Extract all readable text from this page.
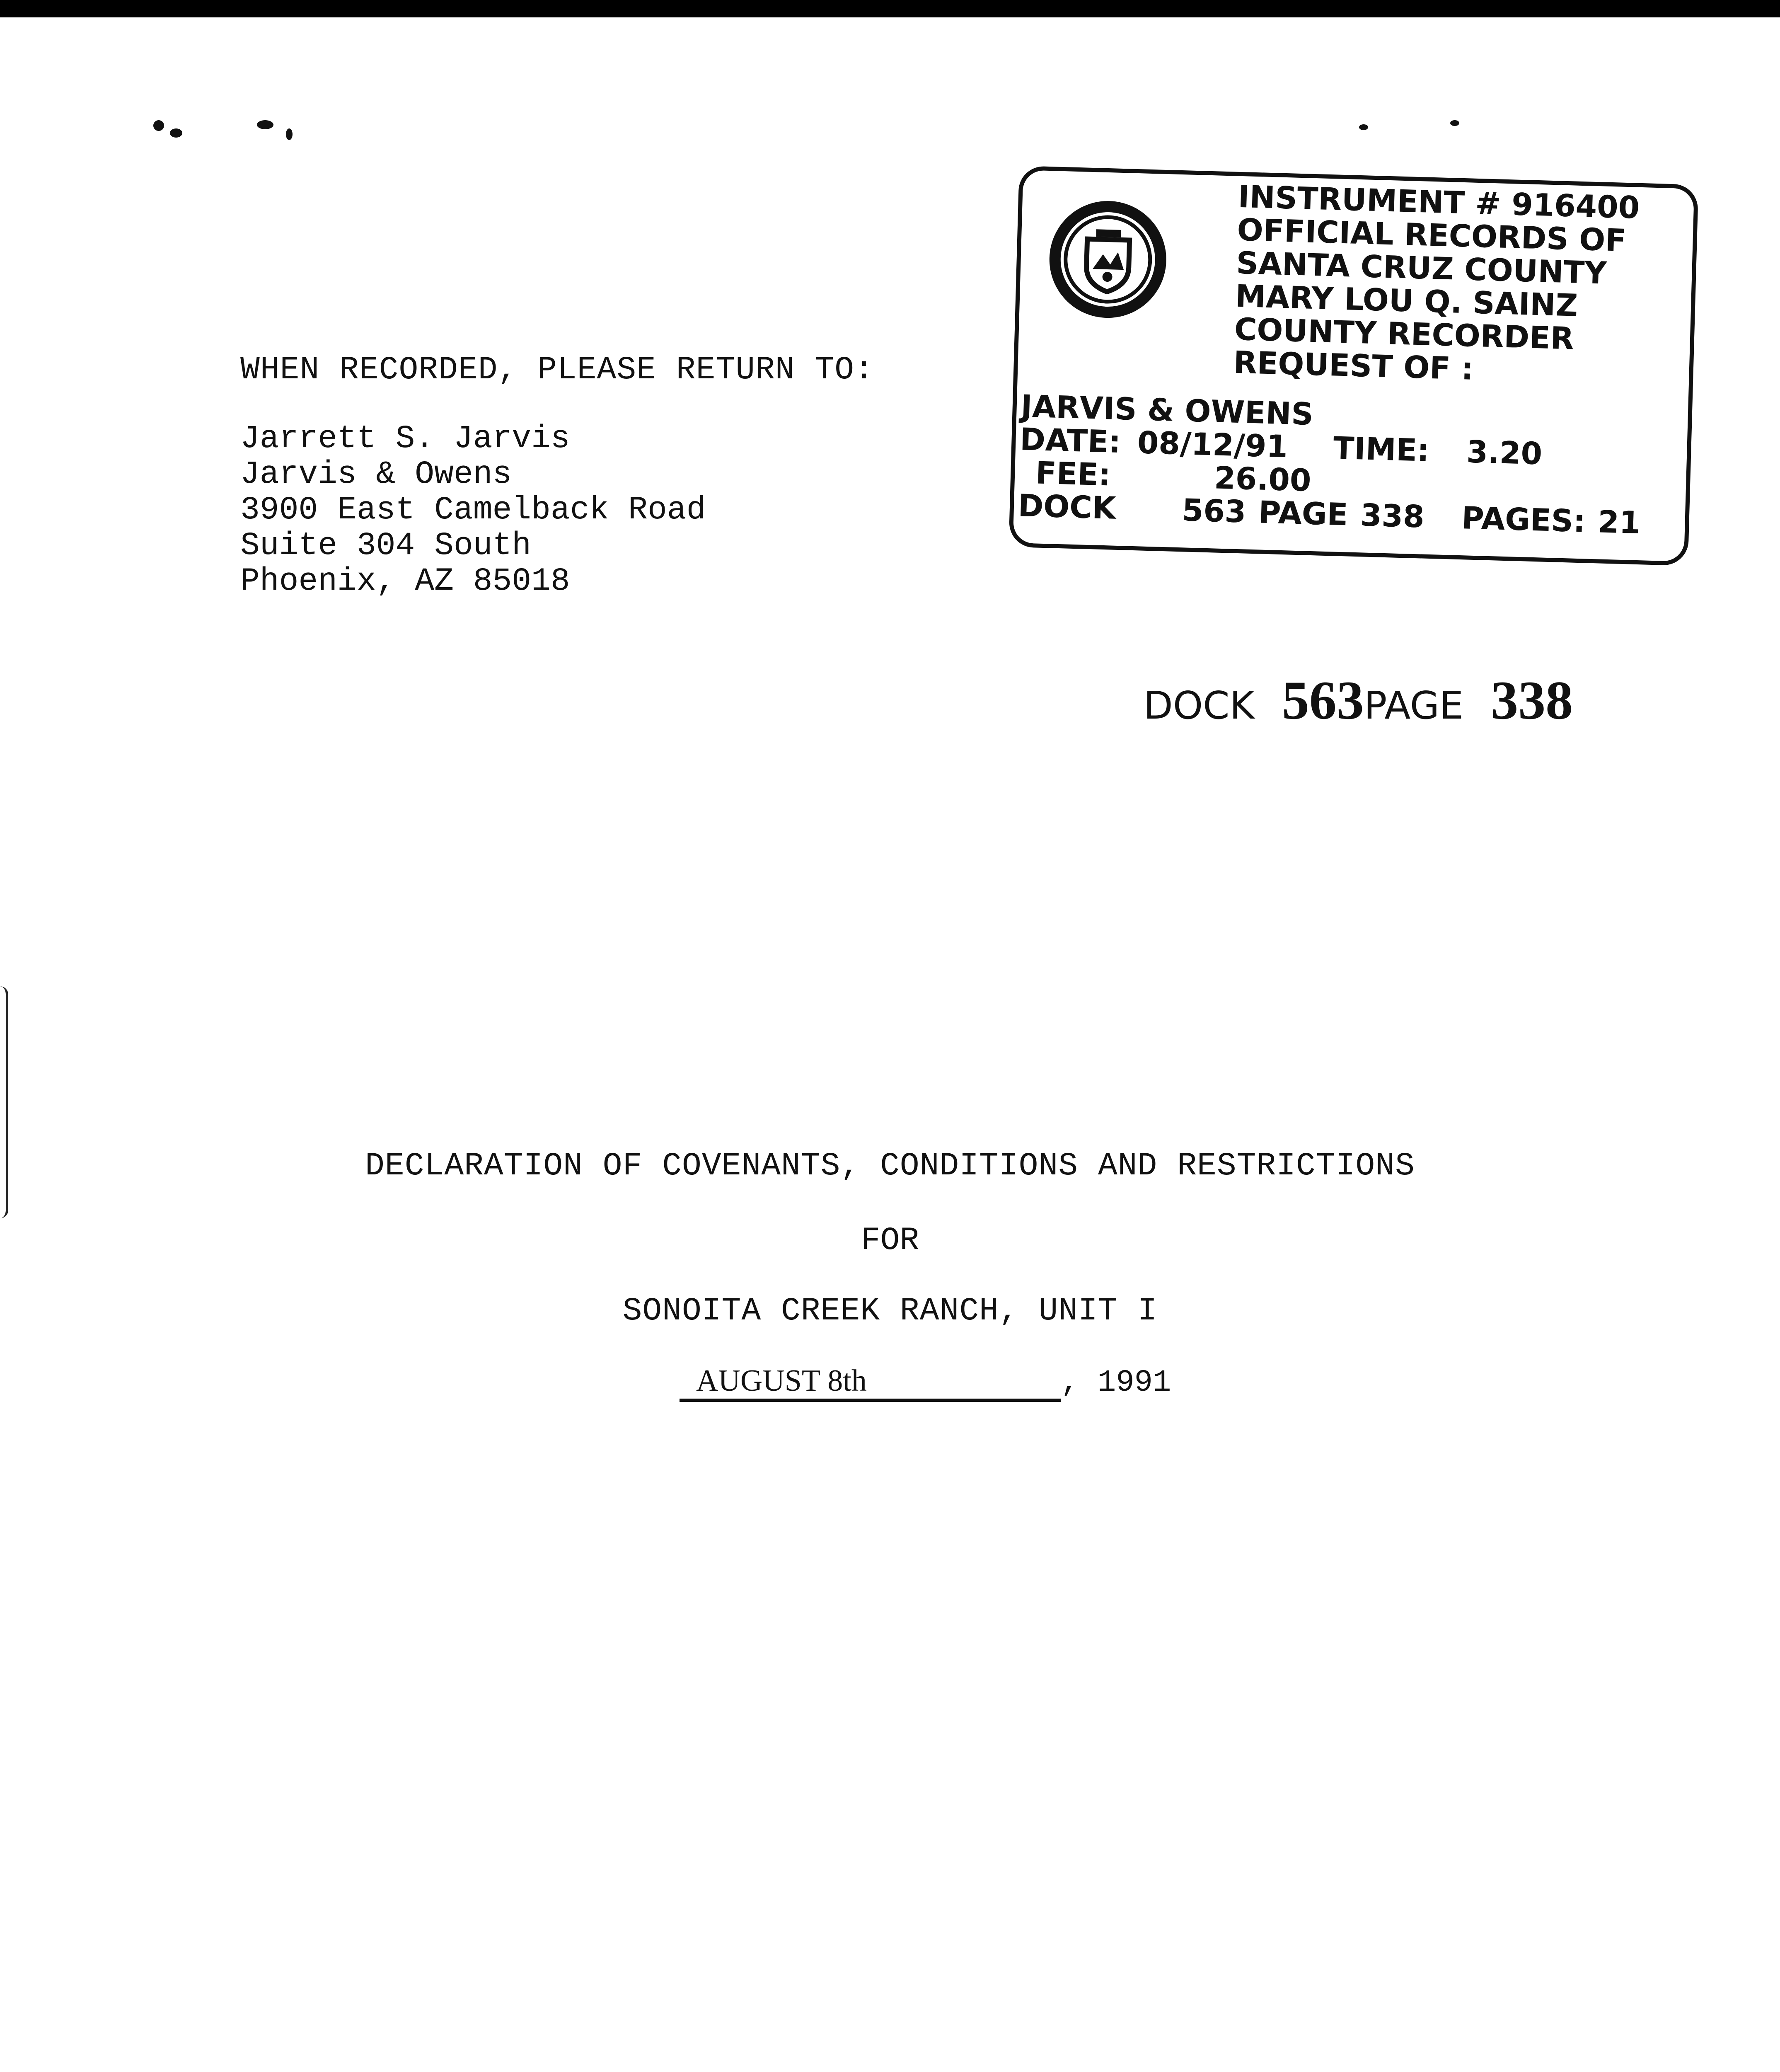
WHEN RECORDED, PLEASE RETURN TO:
Jarrett S. Jarvis
Jarvis & Owens
3900 East Camelback Road
Suite 304 South
Phoenix, AZ 85018
INSTRUMENT # 916400
OFFICIAL RECORDS OF
SANTA CRUZ COUNTY
MARY LOU Q. SAINZ
COUNTY RECORDER
REQUEST OF :
JARVIS & OWENS
DATE: 08/12/91 TIME: 3.20
FEE:	26.00
DOCK 563 PAGE 338 PAGES: 21
DOCK
563 PAGE
338
DECLARATION OF COVENANTS, CONDITIONS AND RESTRICTIONS
FOR
SONOITA CREEK RANCH, UNIT I
AUGUST 8th	, 1991
